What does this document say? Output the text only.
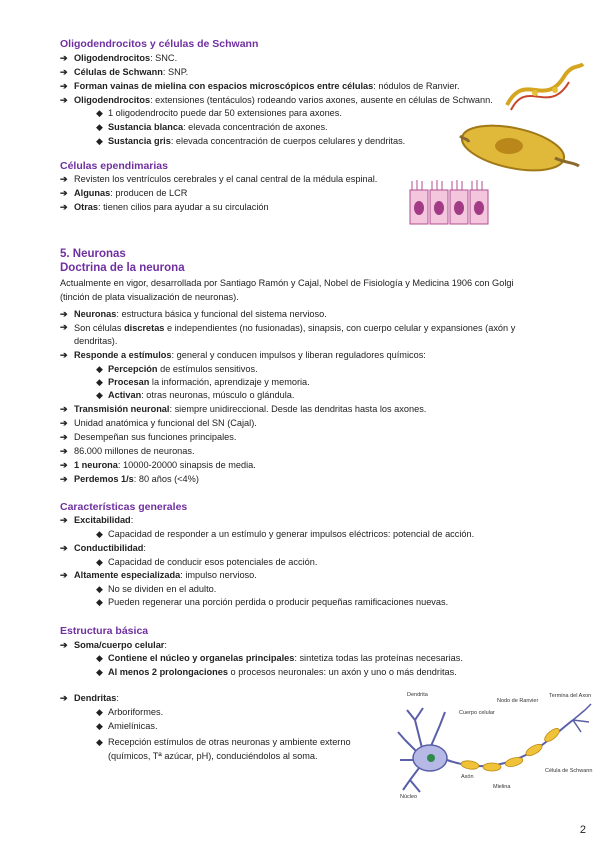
Oligodendrocitos y células de Schwann
➔ Oligodendrocitos: SNC.
➔ Células de Schwann: SNP.
➔ Forman vainas de mielina con espacios microscópicos entre células: nódulos de Ranvier.
➔ Oligodendrocitos: extensiones (tentáculos) rodeando varios axones, ausente en células de Schwann.
◆ 1 oligodendrocito puede dar 50 extensiones para axones.
◆ Sustancia blanca: elevada concentración de axones.
◆ Sustancia gris: elevada concentración de cuerpos celulares y dendritas.
Células ependimarias
➔ Revisten los ventrículos cerebrales y el canal central de la médula espinal.
➔ Algunas: producen de LCR
➔ Otras: tienen cilios para ayudar a su circulación
5. Neuronas
Doctrina de la neurona
Actualmente en vigor, desarrollada por Santiago Ramón y Cajal, Nobel de Fisiología y Medicina 1906 con Golgi (tinción de plata visualización de neuronas).
➔ Neuronas: estructura básica y funcional del sistema nervioso.
➔ Son células discretas e independientes (no fusionadas), sinapsis, con cuerpo celular y expansiones (axón y dendritas).
➔ Responde a estímulos: general y conducen impulsos y liberan reguladores químicos:
◆ Percepción de estímulos sensitivos.
◆ Procesan la información, aprendizaje y memoria.
◆ Activan: otras neuronas, músculo o glándula.
➔ Transmisión neuronal: siempre unidireccional. Desde las dendritas hasta los axones.
➔ Unidad anatómica y funcional del SN (Cajal).
➔ Desempeñan sus funciones principales.
➔ 86.000 millones de neuronas.
➔ 1 neurona: 10000-20000 sinapsis de media.
➔ Perdemos 1/s: 80 años (<4%)
Características generales
➔ Excitabilidad:
◆ Capacidad de responder a un estímulo y generar impulsos eléctricos: potencial de acción.
➔ Conductibilidad:
◆ Capacidad de conducir esos potenciales de acción.
➔ Altamente especializada: impulso nervioso.
◆ No se dividen en el adulto.
◆ Pueden regenerar una porción perdida o producir pequeñas ramificaciones nuevas.
Estructura básica
➔ Soma/cuerpo celular:
◆ Contiene el núcleo y organelas principales: sintetiza todas las proteínas necesarias.
◆ Al menos 2 prolongaciones o procesos neuronales: un axón y uno o más dendritas.
➔ Dendritas:
◆ Arboriformes.
◆ Amielínicas.
◆ Recepción estímulos de otras neuronas y ambiente externo (químicos, Tª azúcar, pH), conduciéndolos al soma.
Dendrita
Cuerpo celular
Nodo de Ranvier
Termina del Axon
Núcleo
Axón
Mielina
Célula de Schwann
2
